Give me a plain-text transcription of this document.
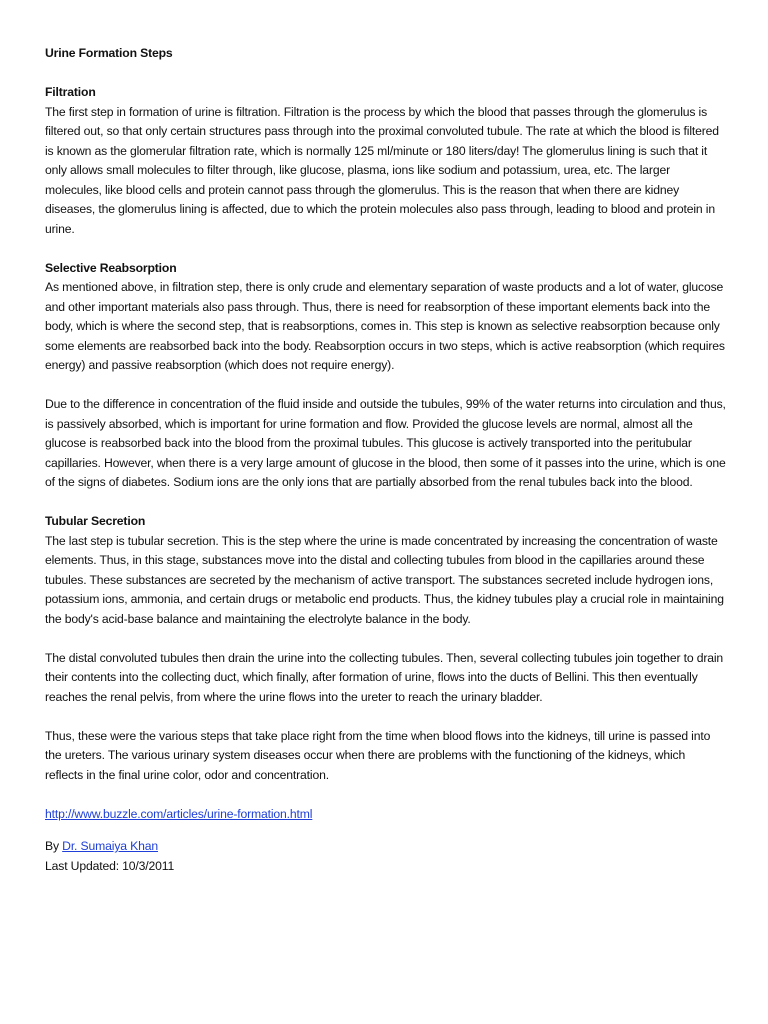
Urine Formation Steps

Filtration

The first step in formation of urine is filtration. Filtration is the process by which the blood that passes through the glomerulus is filtered out, so that only certain structures pass through into the proximal convoluted tubule. The rate at which the blood is filtered is known as the glomerular filtration rate, which is normally 125 ml/minute or 180 liters/day! The glomerulus lining is such that it only allows small molecules to filter through, like glucose, plasma, ions like sodium and potassium, urea, etc. The larger molecules, like blood cells and protein cannot pass through the glomerulus. This is the reason that when there are kidney diseases, the glomerulus lining is affected, due to which the protein molecules also pass through, leading to blood and protein in urine.

Selective Reabsorption

As mentioned above, in filtration step, there is only crude and elementary separation of waste products and a lot of water, glucose and other important materials also pass through. Thus, there is need for reabsorption of these important elements back into the body, which is where the second step, that is reabsorptions, comes in. This step is known as selective reabsorption because only some elements are reabsorbed back into the body. Reabsorption occurs in two steps, which is active reabsorption (which requires energy) and passive reabsorption (which does not require energy).

Due to the difference in concentration of the fluid inside and outside the tubules, 99% of the water returns into circulation and thus, is passively absorbed, which is important for urine formation and flow. Provided the glucose levels are normal, almost all the glucose is reabsorbed back into the blood from the proximal tubules. This glucose is actively transported into the peritubular capillaries. However, when there is a very large amount of glucose in the blood, then some of it passes into the urine, which is one of the signs of diabetes. Sodium ions are the only ions that are partially absorbed from the renal tubules back into the blood.

Tubular Secretion

The last step is tubular secretion. This is the step where the urine is made concentrated by increasing the concentration of waste elements. Thus, in this stage, substances move into the distal and collecting tubules from blood in the capillaries around these tubules. These substances are secreted by the mechanism of active transport. The substances secreted include hydrogen ions, potassium ions, ammonia, and certain drugs or metabolic end products. Thus, the kidney tubules play a crucial role in maintaining the body's acid-base balance and maintaining the electrolyte balance in the body.

The distal convoluted tubules then drain the urine into the collecting tubules. Then, several collecting tubules join together to drain their contents into the collecting duct, which finally, after formation of urine, flows into the ducts of Bellini. This then eventually reaches the renal pelvis, from where the urine flows into the ureter to reach the urinary bladder.

Thus, these were the various steps that take place right from the time when blood flows into the kidneys, till urine is passed into the ureters. The various urinary system diseases occur when there are problems with the functioning of the kidneys, which reflects in the final urine color, odor and concentration.

http://www.buzzle.com/articles/urine-formation.html

By Dr. Sumaiya Khan

Last Updated: 10/3/2011
